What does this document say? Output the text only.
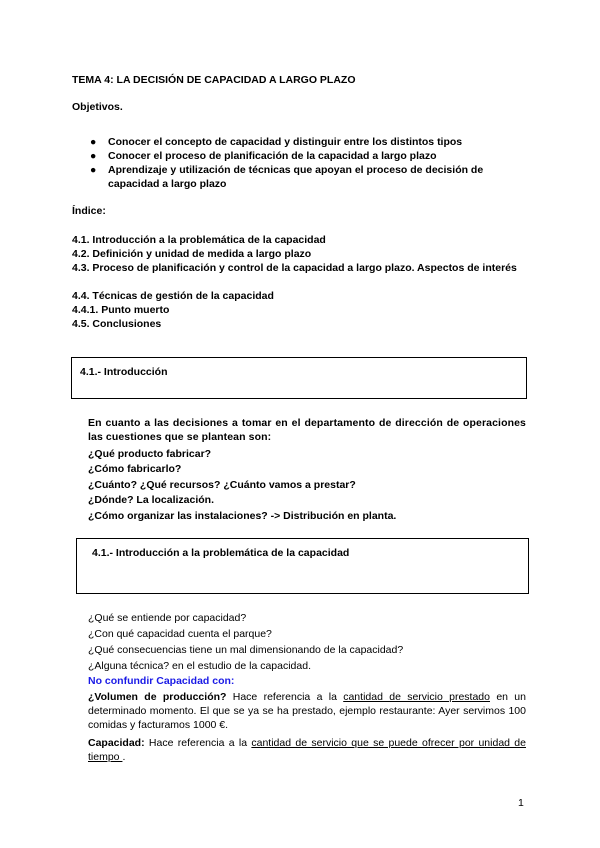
TEMA 4: LA DECISIÓN DE CAPACIDAD A LARGO PLAZO
Objetivos.
● Conocer el concepto de capacidad y distinguir entre los distintos tipos
● Conocer el proceso de planificación de la capacidad a largo plazo
● Aprendizaje y utilización de técnicas que apoyan el proceso de decisión de capacidad a largo plazo
Índice:
4.1. Introducción a la problemática de la capacidad
4.2. Definición y unidad de medida a largo plazo
4.3. Proceso de planificación y control de la capacidad a largo plazo. Aspectos de interés
4.4. Técnicas de gestión de la capacidad
4.4.1. Punto muerto
4.5. Conclusiones
4.1.- Introducción
En cuanto a las decisiones a tomar en el departamento de dirección de operaciones las cuestiones que se plantean son:
¿Qué producto fabricar?
¿Cómo fabricarlo?
¿Cuánto? ¿Qué recursos? ¿Cuánto vamos a prestar?
¿Dónde? La localización.
¿Cómo organizar las instalaciones? -> Distribución en planta.
4.1.- Introducción a la problemática de la capacidad
¿Qué se entiende por capacidad?
¿Con qué capacidad cuenta el parque?
¿Qué consecuencias tiene un mal dimensionando de la capacidad?
¿Alguna técnica? en el estudio de la capacidad.
No confundir Capacidad con:
¿Volumen de producción? Hace referencia a la cantidad de servicio prestado en un determinado momento. El que se ya se ha prestado, ejemplo restaurante: Ayer servimos 100 comidas y facturamos 1000 €.
Capacidad: Hace referencia a la cantidad de servicio que se puede ofrecer por unidad de tiempo .
1
